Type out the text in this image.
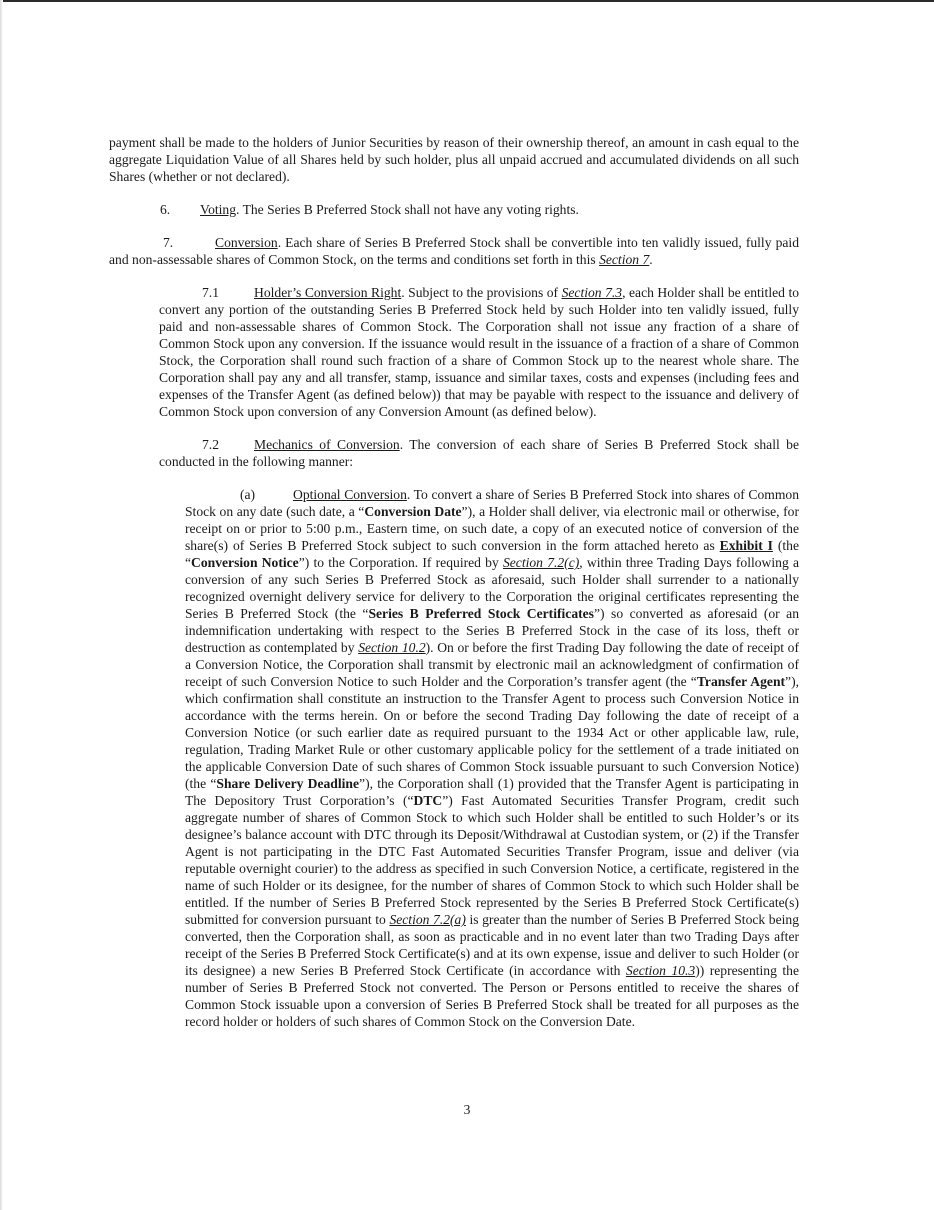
payment shall be made to the holders of Junior Securities by reason of their ownership thereof, an amount in cash equal to the aggregate Liquidation Value of all Shares held by such holder, plus all unpaid accrued and accumulated dividends on all such Shares (whether or not declared).

6. Voting. The Series B Preferred Stock shall not have any voting rights.

7.	Conversion. Each share of Series B Preferred Stock shall be convertible into ten validly issued, fully paid and non-assessable shares of Common Stock, on the terms and conditions set forth in this Section 7.

7.1	Holder’s Conversion Right. Subject to the provisions of Section 7.3, each Holder shall be entitled to convert any portion of the outstanding Series B Preferred Stock held by such Holder into ten validly issued, fully paid and non-assessable shares of Common Stock. The Corporation shall not issue any fraction of a share of Common Stock upon any conversion. If the issuance would result in the issuance of a fraction of a share of Common Stock, the Corporation shall round such fraction of a share of Common Stock up to the nearest whole share. The Corporation shall pay any and all transfer, stamp, issuance and similar taxes, costs and expenses (including fees and expenses of the Transfer Agent (as defined below)) that may be payable with respect to the issuance and delivery of Common Stock upon conversion of any Conversion Amount (as defined below).

7.2	Mechanics of Conversion. The conversion of each share of Series B Preferred Stock shall be conducted in the following manner:

(a)	Optional Conversion. To convert a share of Series B Preferred Stock into shares of Common Stock on any date (such date, a “Conversion Date”), a Holder shall deliver, via electronic mail or otherwise, for receipt on or prior to 5:00 p.m., Eastern time, on such date, a copy of an executed notice of conversion of the share(s) of Series B Preferred Stock subject to such conversion in the form attached hereto as Exhibit I (the “Conversion Notice”) to the Corporation. If required by Section 7.2(c), within three Trading Days following a conversion of any such Series B Preferred Stock as aforesaid, such Holder shall surrender to a nationally recognized overnight delivery service for delivery to the Corporation the original certificates representing the Series B Preferred Stock (the “Series B Preferred Stock Certificates”) so converted as aforesaid (or an indemnification undertaking with respect to the Series B Preferred Stock in the case of its loss, theft or destruction as contemplated by Section 10.2). On or before the first Trading Day following the date of receipt of a Conversion Notice, the Corporation shall transmit by electronic mail an acknowledgment of confirmation of receipt of such Conversion Notice to such Holder and the Corporation’s transfer agent (the “Transfer Agent”), which confirmation shall constitute an instruction to the Transfer Agent to process such Conversion Notice in accordance with the terms herein. On or before the second Trading Day following the date of receipt of a Conversion Notice (or such earlier date as required pursuant to the 1934 Act or other applicable law, rule, regulation, Trading Market Rule or other customary applicable policy for the settlement of a trade initiated on the applicable Conversion Date of such shares of Common Stock issuable pursuant to such Conversion Notice) (the “Share Delivery Deadline”), the Corporation shall (1) provided that the Transfer Agent is participating in The Depository Trust Corporation’s (“DTC”) Fast Automated Securities Transfer Program, credit such aggregate number of shares of Common Stock to which such Holder shall be entitled to such Holder’s or its designee’s balance account with DTC through its Deposit/Withdrawal at Custodian system, or (2) if the Transfer Agent is not participating in the DTC Fast Automated Securities Transfer Program, issue and deliver (via reputable overnight courier) to the address as specified in such Conversion Notice, a certificate, registered in the name of such Holder or its designee, for the number of shares of Common Stock to which such Holder shall be entitled. If the number of Series B Preferred Stock represented by the Series B Preferred Stock Certificate(s) submitted for conversion pursuant to Section 7.2(a) is greater than the number of Series B Preferred Stock being converted, then the Corporation shall, as soon as practicable and in no event later than two Trading Days after receipt of the Series B Preferred Stock Certificate(s) and at its own expense, issue and deliver to such Holder (or its designee) a new Series B Preferred Stock Certificate (in accordance with Section 10.3)) representing the number of Series B Preferred Stock not converted. The Person or Persons entitled to receive the shares of Common Stock issuable upon a conversion of Series B Preferred Stock shall be treated for all purposes as the record holder or holders of such shares of Common Stock on the Conversion Date.

3
